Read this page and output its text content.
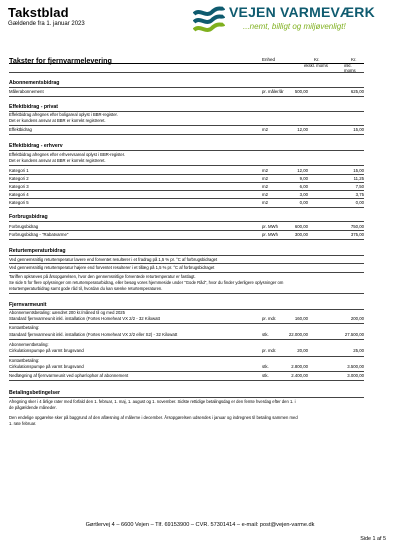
Takstblad
Gældende fra 1. januar 2023
VEJEN VARMEVÆRK
...nemt, billigt og miljøvenligt!
Takster for fjernvarmelevering	Enhed	Kr.	Kr.
ekskl. moms	inkl. moms
Abonnementsbidrag
Målerabonnement	pr. måler/år	500,00	625,00
Effektbidrag - privat
Effektbidrag afregnes efter boligareal oplyst i BBR-register.
Det er kundens ansvar at BBR er korrekt registreret.
Effektbidrag	m2	12,00	15,00
Effektbidrag - erhverv
Effektbidrag afregnes efter erhvervsareal oplyst i BBR-register.
Det er kundens ansvar at BBR er korrekt registreret.
Kategori 1	m2	12,00	15,00
Kategori 2	m2	9,00	11,25
Kategori 3	m2	6,00	7,50
Kategori 4	m2	3,00	3,75
Kategori 5	m2	0,00	0,00
Forbrugsbidrag
Forbrugsbidrag	pr. MWh	600,00	750,00
Forbrugsbidrag - "Rabatvarme"	pr. MWh	300,00	375,00
Returtemperaturbidrag
Ved gennemsnitlig returtemperatur lavere end forventet resulterer i et fradrag på 1,5 % pr. °C af forbrugsbidraget
Ved gennemsnitlig returtemperatur højere end forventet resulterer i et tillæg på 1,5 % pr. °C af forbrugsbidraget
Tariffen opkræves på årsopgørelsen, hvor den gennemsnitlige forventede returtemperatur er fastlagt.
Se side 5 for flere oplysninger om returtemperaturbidrag, eller besøg vores hjemmeside under "Gode Råd", hvor du finder yderligere oplysninger om
returtemperaturbidrag samt gode råd til, hvordan du kan sænke returtemperaturen.
Fjernvarmeunit
Abonnementsbetaling: uændret 200 kr./måned til og med 2025
Standard fjernvarmeunit inkl. installation (Fortes Homeheat VX 2/2 - 32 Kilowatt	pr. mdr.	160,00	200,00
Kontantbetaling:
Standard fjernvarmeunit inkl. installation (Fortes Homeheat VX 2/2 eller S2) - 32 Kilowatt	stk.	22.000,00	27.500,00
Abonnementbetaling:
Cirkulationspumpe på varmt brugsvand	pr. mdr.	20,00	25,00
Kontantbetaling:
Cirkulationspumpe på varmt brugsvand	stk.	2.800,00	3.500,00
Nedlægning af fjernvarmeunit ved ophør/ophør af abonnement	stk.	2.400,00	3.000,00
Betalingsbetingelser
Afregning sker i 4 årlige rater med forfald den 1. februar, 1. maj, 1. august og 1. november. Sidste rettidige betalingsdag er den femte hverdag efter den 1. i
de pågældende måneder.
Den endelige opgørelse sker på baggrund af den aflæsning af målerne i december. Årsopgørelsen udsendes i januar og indregnes til betaling sammen med
1. rate februar.
Gørtlervej 4 – 6600 Vejen – Tlf. 69153900 – CVR. 57301414 – e-mail: post@vejen-varme.dk
Side 1 af 5
